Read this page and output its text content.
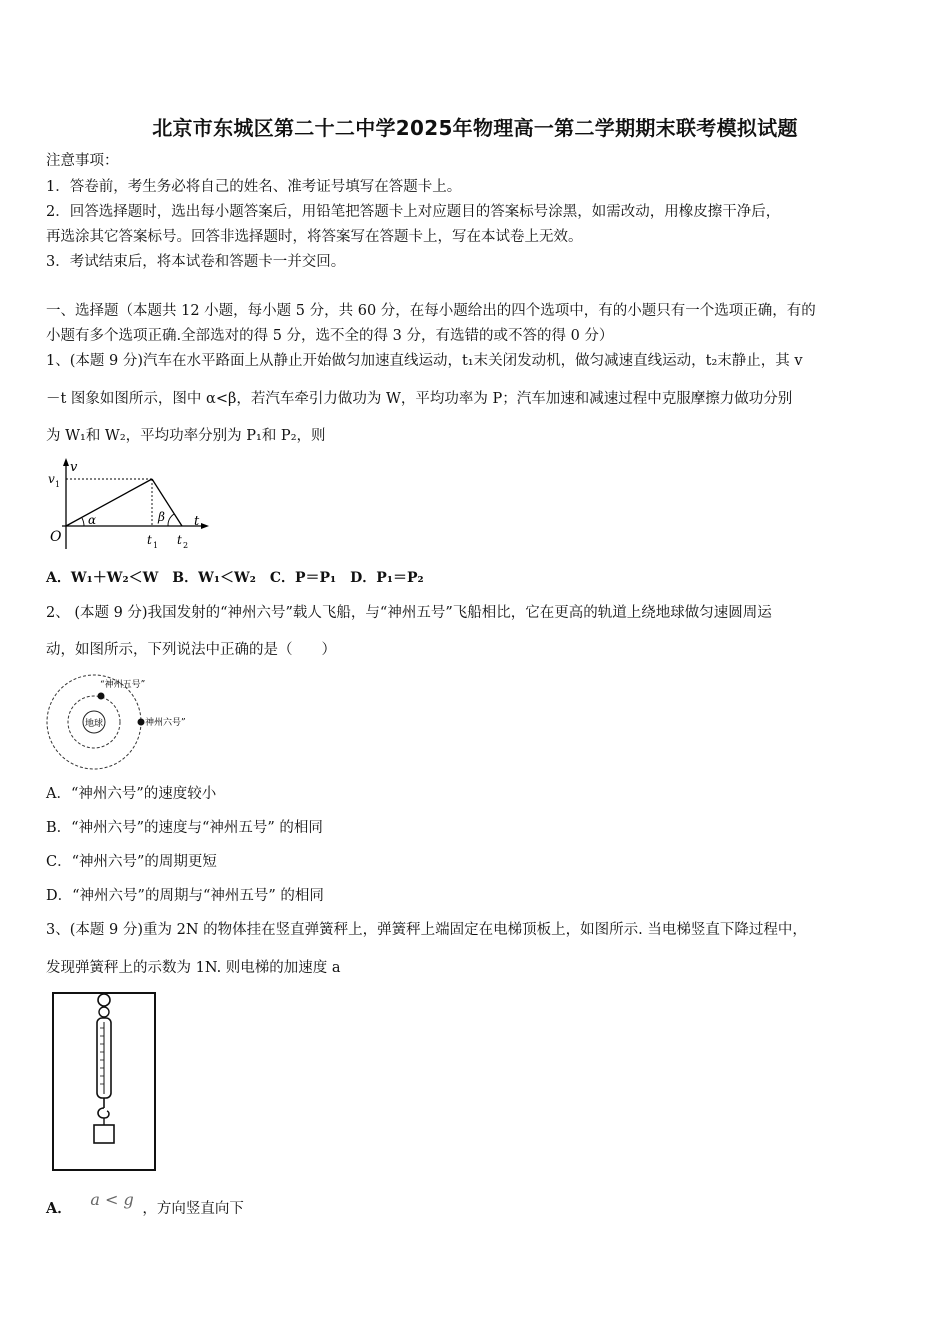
北京市东城区第二十二中学2025年物理高一第二学期期末联考模拟试题
注意事项：
1．答卷前，考生务必将自己的姓名、准考证号填写在答题卡上。
2．回答选择题时，选出每小题答案后，用铅笔把答题卡上对应题目的答案标号涂黑，如需改动，用橡皮擦干净后，
再选涂其它答案标号。回答非选择题时，将答案写在答题卡上，写在本试卷上无效。
3．考试结束后，将本试卷和答题卡一并交回。
一、选择题（本题共 12 小题，每小题 5 分，共 60 分，在每小题给出的四个选项中，有的小题只有一个选项正确，有的
小题有多个选项正确.全部选对的得 5 分，选不全的得 3 分，有选错的或不答的得 0 分）
1、(本题 9 分)汽车在水平路面上从静止开始做匀加速直线运动，t₁末关闭发动机，做匀减速直线运动，t₂末静止，其 v
－t 图象如图所示，图中 α<β，若汽车牵引力做功为 W，平均功率为 P；汽车加速和减速过程中克服摩擦力做功分别
为 W₁和 W₂，平均功率分别为 P₁和 P₂，则
v
v 1
O
α	β t
t 1 t 2
A．W₁＋W₂＜W　B．W₁＜W₂　C．P＝P₁　D．P₁＝P₂
2、 (本题 9 分)我国发射的“神州六号”载人飞船，与“神州五号”飞船相比，它在更高的轨道上绕地球做匀速圆周运
动，如图所示，下列说法中正确的是（　　）
地球
“神州五号”
神州六号”
A．“神州六号”的速度较小
B．“神州六号”的速度与“神州五号” 的相同
C．“神州六号”的周期更短
D．“神州六号”的周期与“神州五号” 的相同
3、(本题 9 分)重为 2N 的物体挂在竖直弹簧秤上，弹簧秤上端固定在电梯顶板上，如图所示. 当电梯竖直下降过程中，
发现弹簧秤上的示数为 1N. 则电梯的加速度 a
A． a < g ，方向竖直向下
